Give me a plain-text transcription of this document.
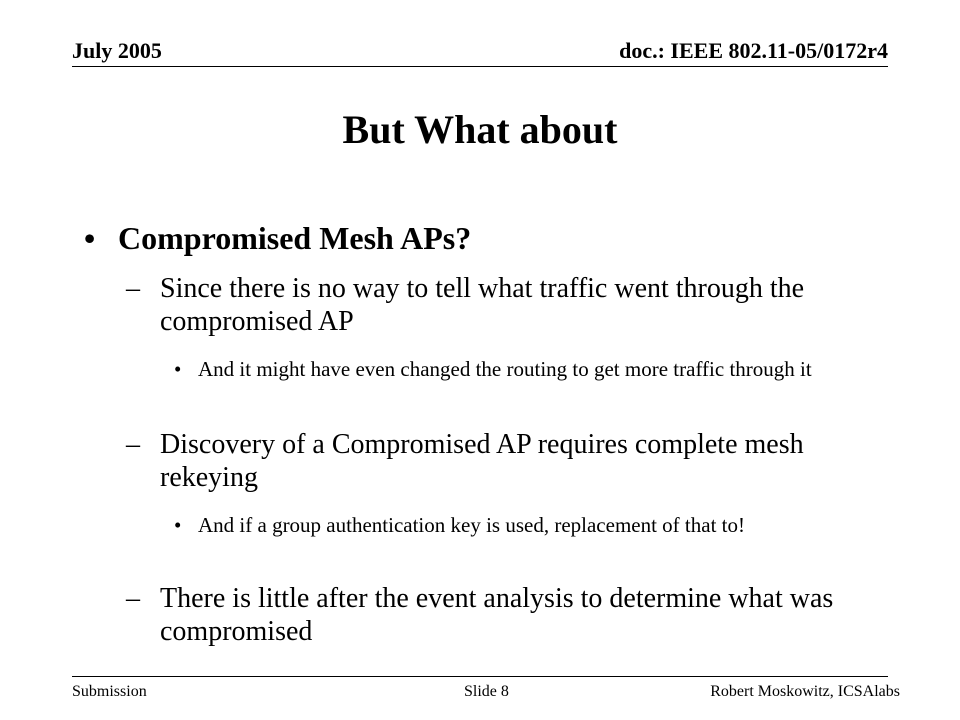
July 2005	doc.: IEEE 802.11-05/0172r4
But What about
• Compromised Mesh APs?
– Since there is no way to tell what traffic went through the compromised AP
• And it might have even changed the routing to get more traffic through it
– Discovery of a Compromised AP requires complete mesh rekeying
• And if a group authentication key is used, replacement of that to!
– There is little after the event analysis to determine what was compromised
Submission	Slide 8	Robert Moskowitz, ICSAlabs
